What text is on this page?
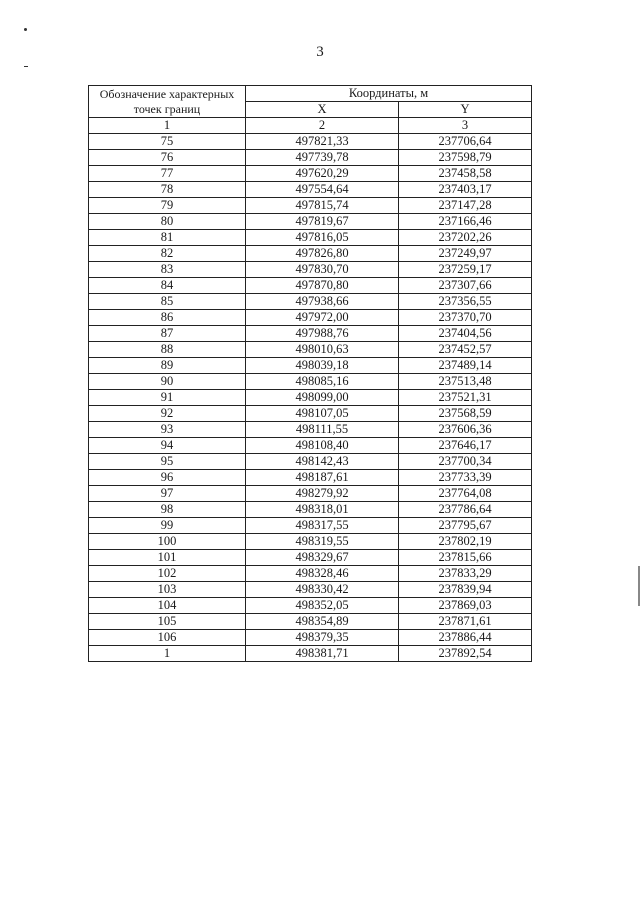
3
Обозначение характерных точек границ	Координаты, м	
	X	Y
1	2	3
75	497821,33	237706,64
76	497739,78	237598,79
77	497620,29	237458,58
78	497554,64	237403,17
79	497815,74	237147,28
80	497819,67	237166,46
81	497816,05	237202,26
82	497826,80	237249,97
83	497830,70	237259,17
84	497870,80	237307,66
85	497938,66	237356,55
86	497972,00	237370,70
87	497988,76	237404,56
88	498010,63	237452,57
89	498039,18	237489,14
90	498085,16	237513,48
91	498099,00	237521,31
92	498107,05	237568,59
93	498111,55	237606,36
94	498108,40	237646,17
95	498142,43	237700,34
96	498187,61	237733,39
97	498279,92	237764,08
98	498318,01	237786,64
99	498317,55	237795,67
100	498319,55	237802,19
101	498329,67	237815,66
102	498328,46	237833,29
103	498330,42	237839,94
104	498352,05	237869,03
105	498354,89	237871,61
106	498379,35	237886,44
1	498381,71	237892,54
